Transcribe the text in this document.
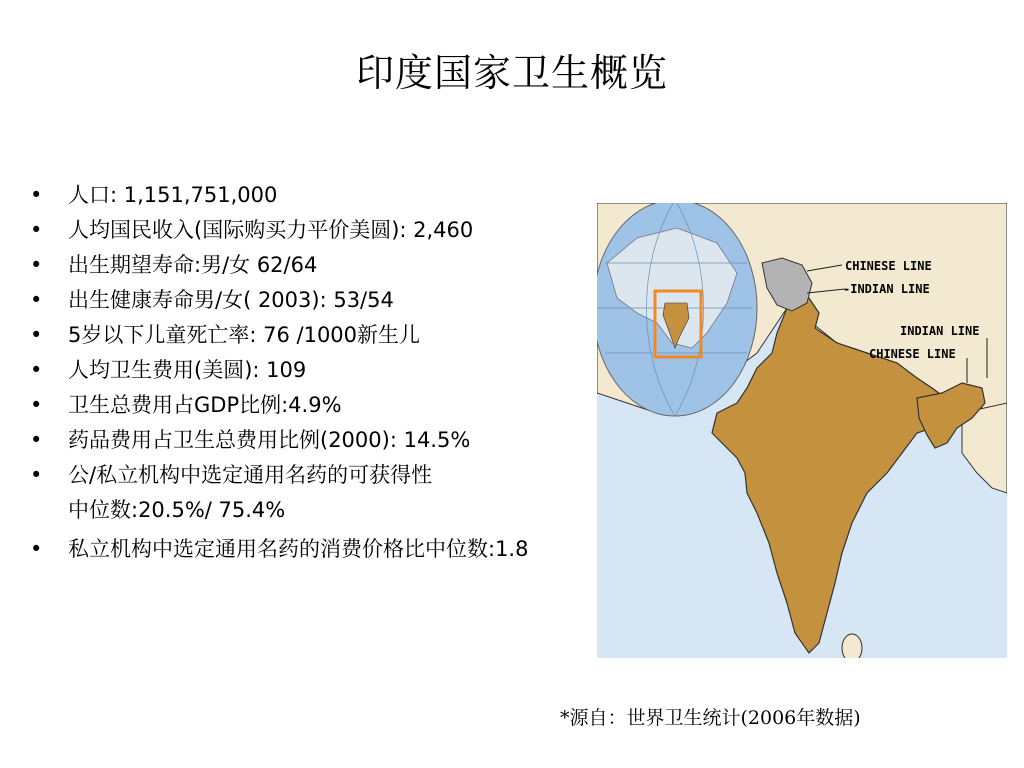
印度国家卫生概览
• 人口: 1,151,751,000
• 人均国民收入(国际购买力平价美圆): 2,460
• 出生期望寿命:男/女 62/64
• 出生健康寿命男/女( 2003): 53/54
• 5岁以下儿童死亡率: 76 /1000新生儿
• 人均卫生费用(美圆): 109
• 卫生总费用占GDP比例:4.9%
• 药品费用占卫生总费用比例(2000): 14.5%
• 公/私立机构中选定通用名药的可获得性
中位数:20.5%/ 75.4%
• 私立机构中选定通用名药的消费价格比中位数:1.8
CHINESE LINE
-INDIAN LINE
INDIAN LINE
CHINESE LINE
*源自：世界卫生统计(2006年数据)
